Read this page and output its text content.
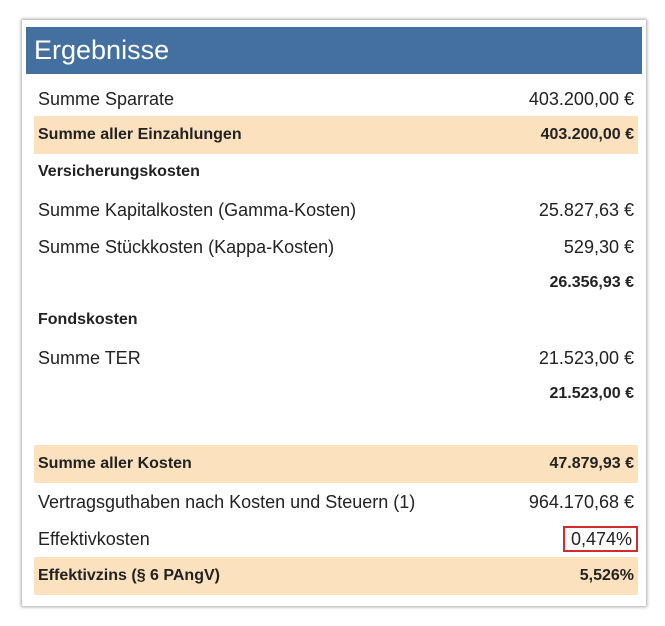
Ergebnisse
Summe Sparrate	403.200,00 €
Summe aller Einzahlungen	403.200,00 €
Versicherungskosten
Summe Kapitalkosten (Gamma-Kosten)	25.827,63 €
Summe Stückkosten (Kappa-Kosten)	529,30 €
26.356,93 €
Fondskosten
Summe TER	21.523,00 €
21.523,00 €
Summe aller Kosten	47.879,93 €
Vertragsguthaben nach Kosten und Steuern (1)	964.170,68 €
Effektivkosten	0,474%
Effektivzins (§ 6 PAngV)	5,526%
